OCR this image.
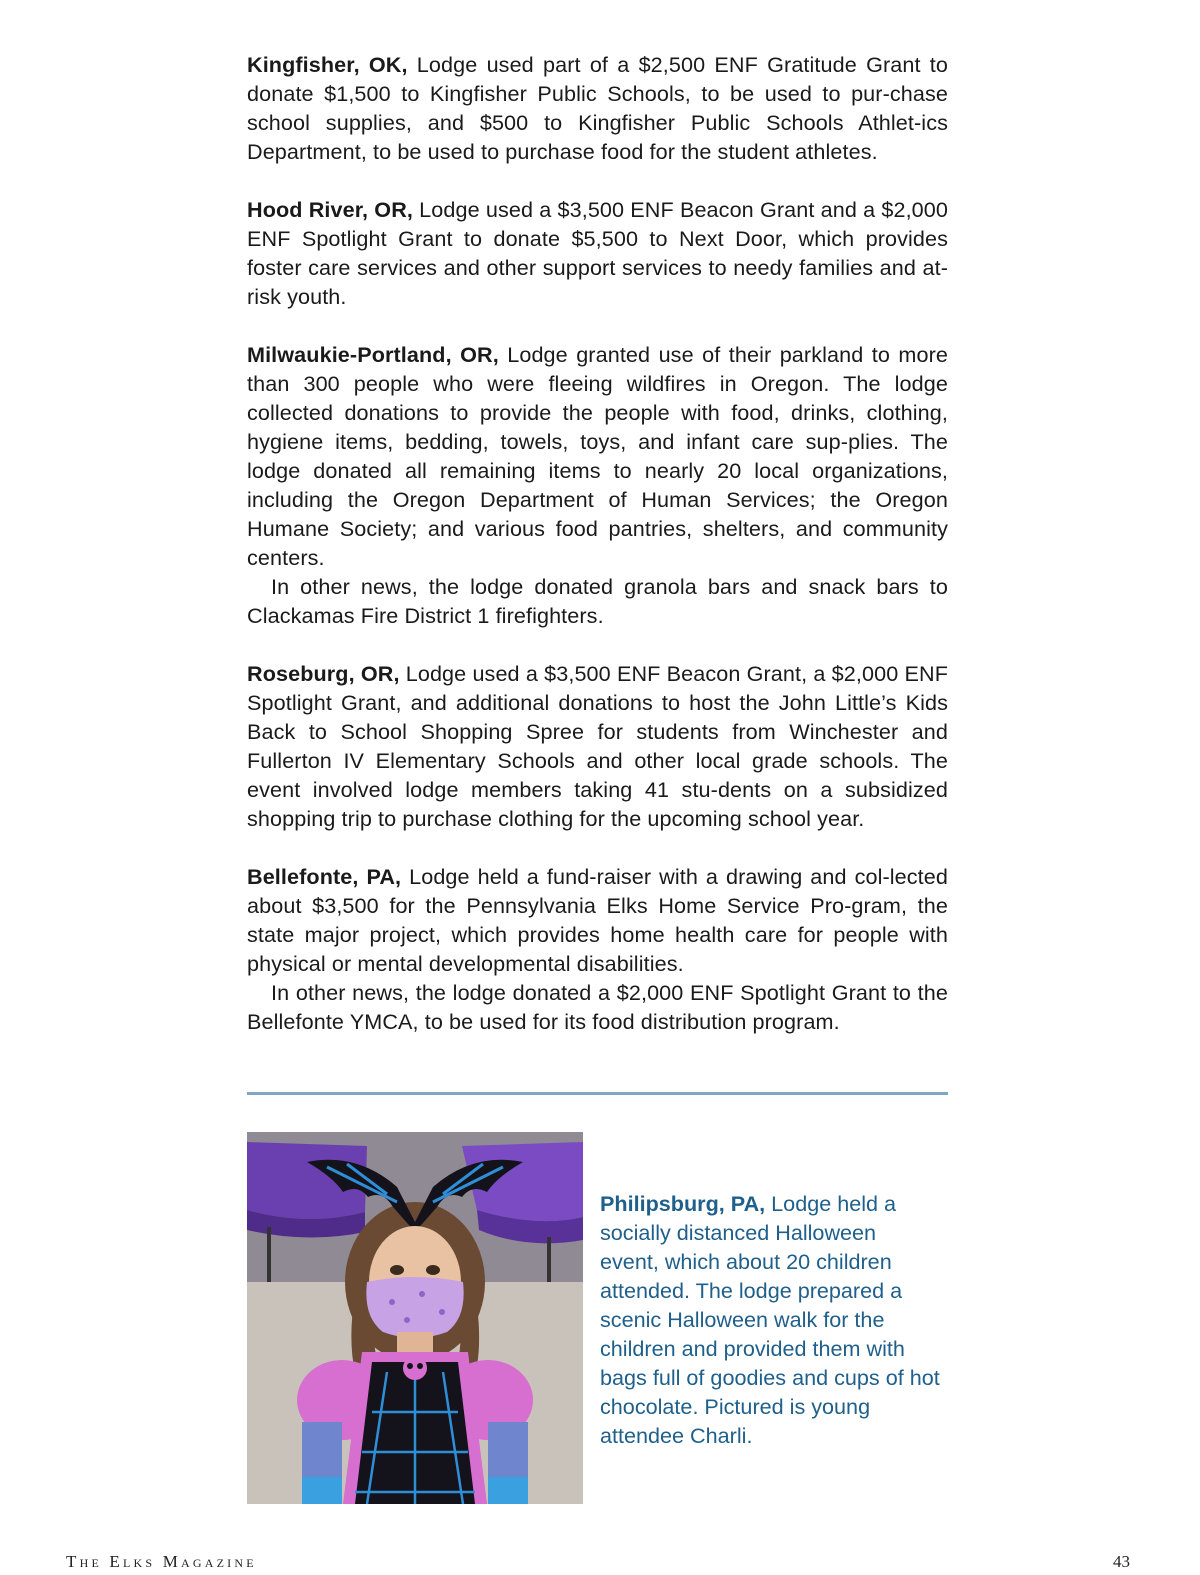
Kingfisher, OK, Lodge used part of a $2,500 ENF Gratitude Grant to donate $1,500 to Kingfisher Public Schools, to be used to pur-chase school supplies, and $500 to Kingfisher Public Schools Athlet-ics Department, to be used to purchase food for the student athletes.

Hood River, OR, Lodge used a $3,500 ENF Beacon Grant and a $2,000 ENF Spotlight Grant to donate $5,500 to Next Door, which provides foster care services and other support services to needy families and at-risk youth.

Milwaukie-Portland, OR, Lodge granted use of their parkland to more than 300 people who were fleeing wildfires in Oregon. The lodge collected donations to provide the people with food, drinks, clothing, hygiene items, bedding, towels, toys, and infant care sup-plies. The lodge donated all remaining items to nearly 20 local organizations, including the Oregon Department of Human Services; the Oregon Humane Society; and various food pantries, shelters, and community centers.

In other news, the lodge donated granola bars and snack bars to Clackamas Fire District 1 firefighters.

Roseburg, OR, Lodge used a $3,500 ENF Beacon Grant, a $2,000 ENF Spotlight Grant, and additional donations to host the John Little’s Kids Back to School Shopping Spree for students from Winchester and Fullerton IV Elementary Schools and other local grade schools. The event involved lodge members taking 41 stu-dents on a subsidized shopping trip to purchase clothing for the upcoming school year.

Bellefonte, PA, Lodge held a fund-raiser with a drawing and col-lected about $3,500 for the Pennsylvania Elks Home Service Pro-gram, the state major project, which provides home health care for people with physical or mental developmental disabilities.

In other news, the lodge donated a $2,000 ENF Spotlight Grant to the Bellefonte YMCA, to be used for its food distribution program.

Philipsburg, PA, Lodge held a socially distanced Halloween event, which about 20 children attended. The lodge prepared a scenic Halloween walk for the children and provided them with bags full of goodies and cups of hot chocolate. Pictured is young attendee Charli.
The Elks Magazine	43
